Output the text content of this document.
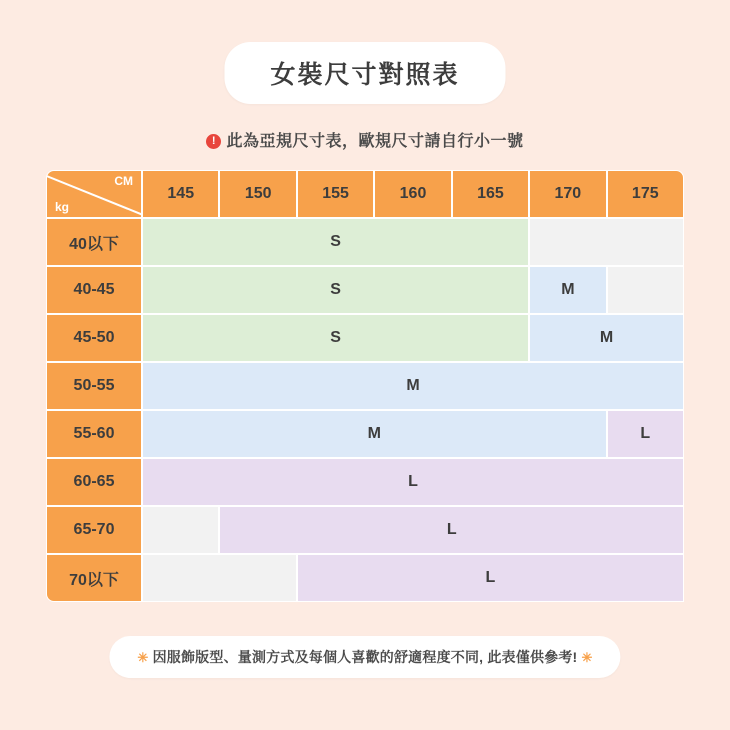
女裝尺寸對照表
! 此為亞規尺寸表，歐規尺寸請自行小一號
CM
kg	145	150	155	160	165	170	175
40以下	S						
40-45	S					M	
45-50	S					M	
50-55	M						
55-60	M						L
60-65	L						
65-70		L					
70以下			L				
✳ 因服飾版型、量測方式及每個人喜歡的舒適程度不同, 此表僅供參考! ✳
